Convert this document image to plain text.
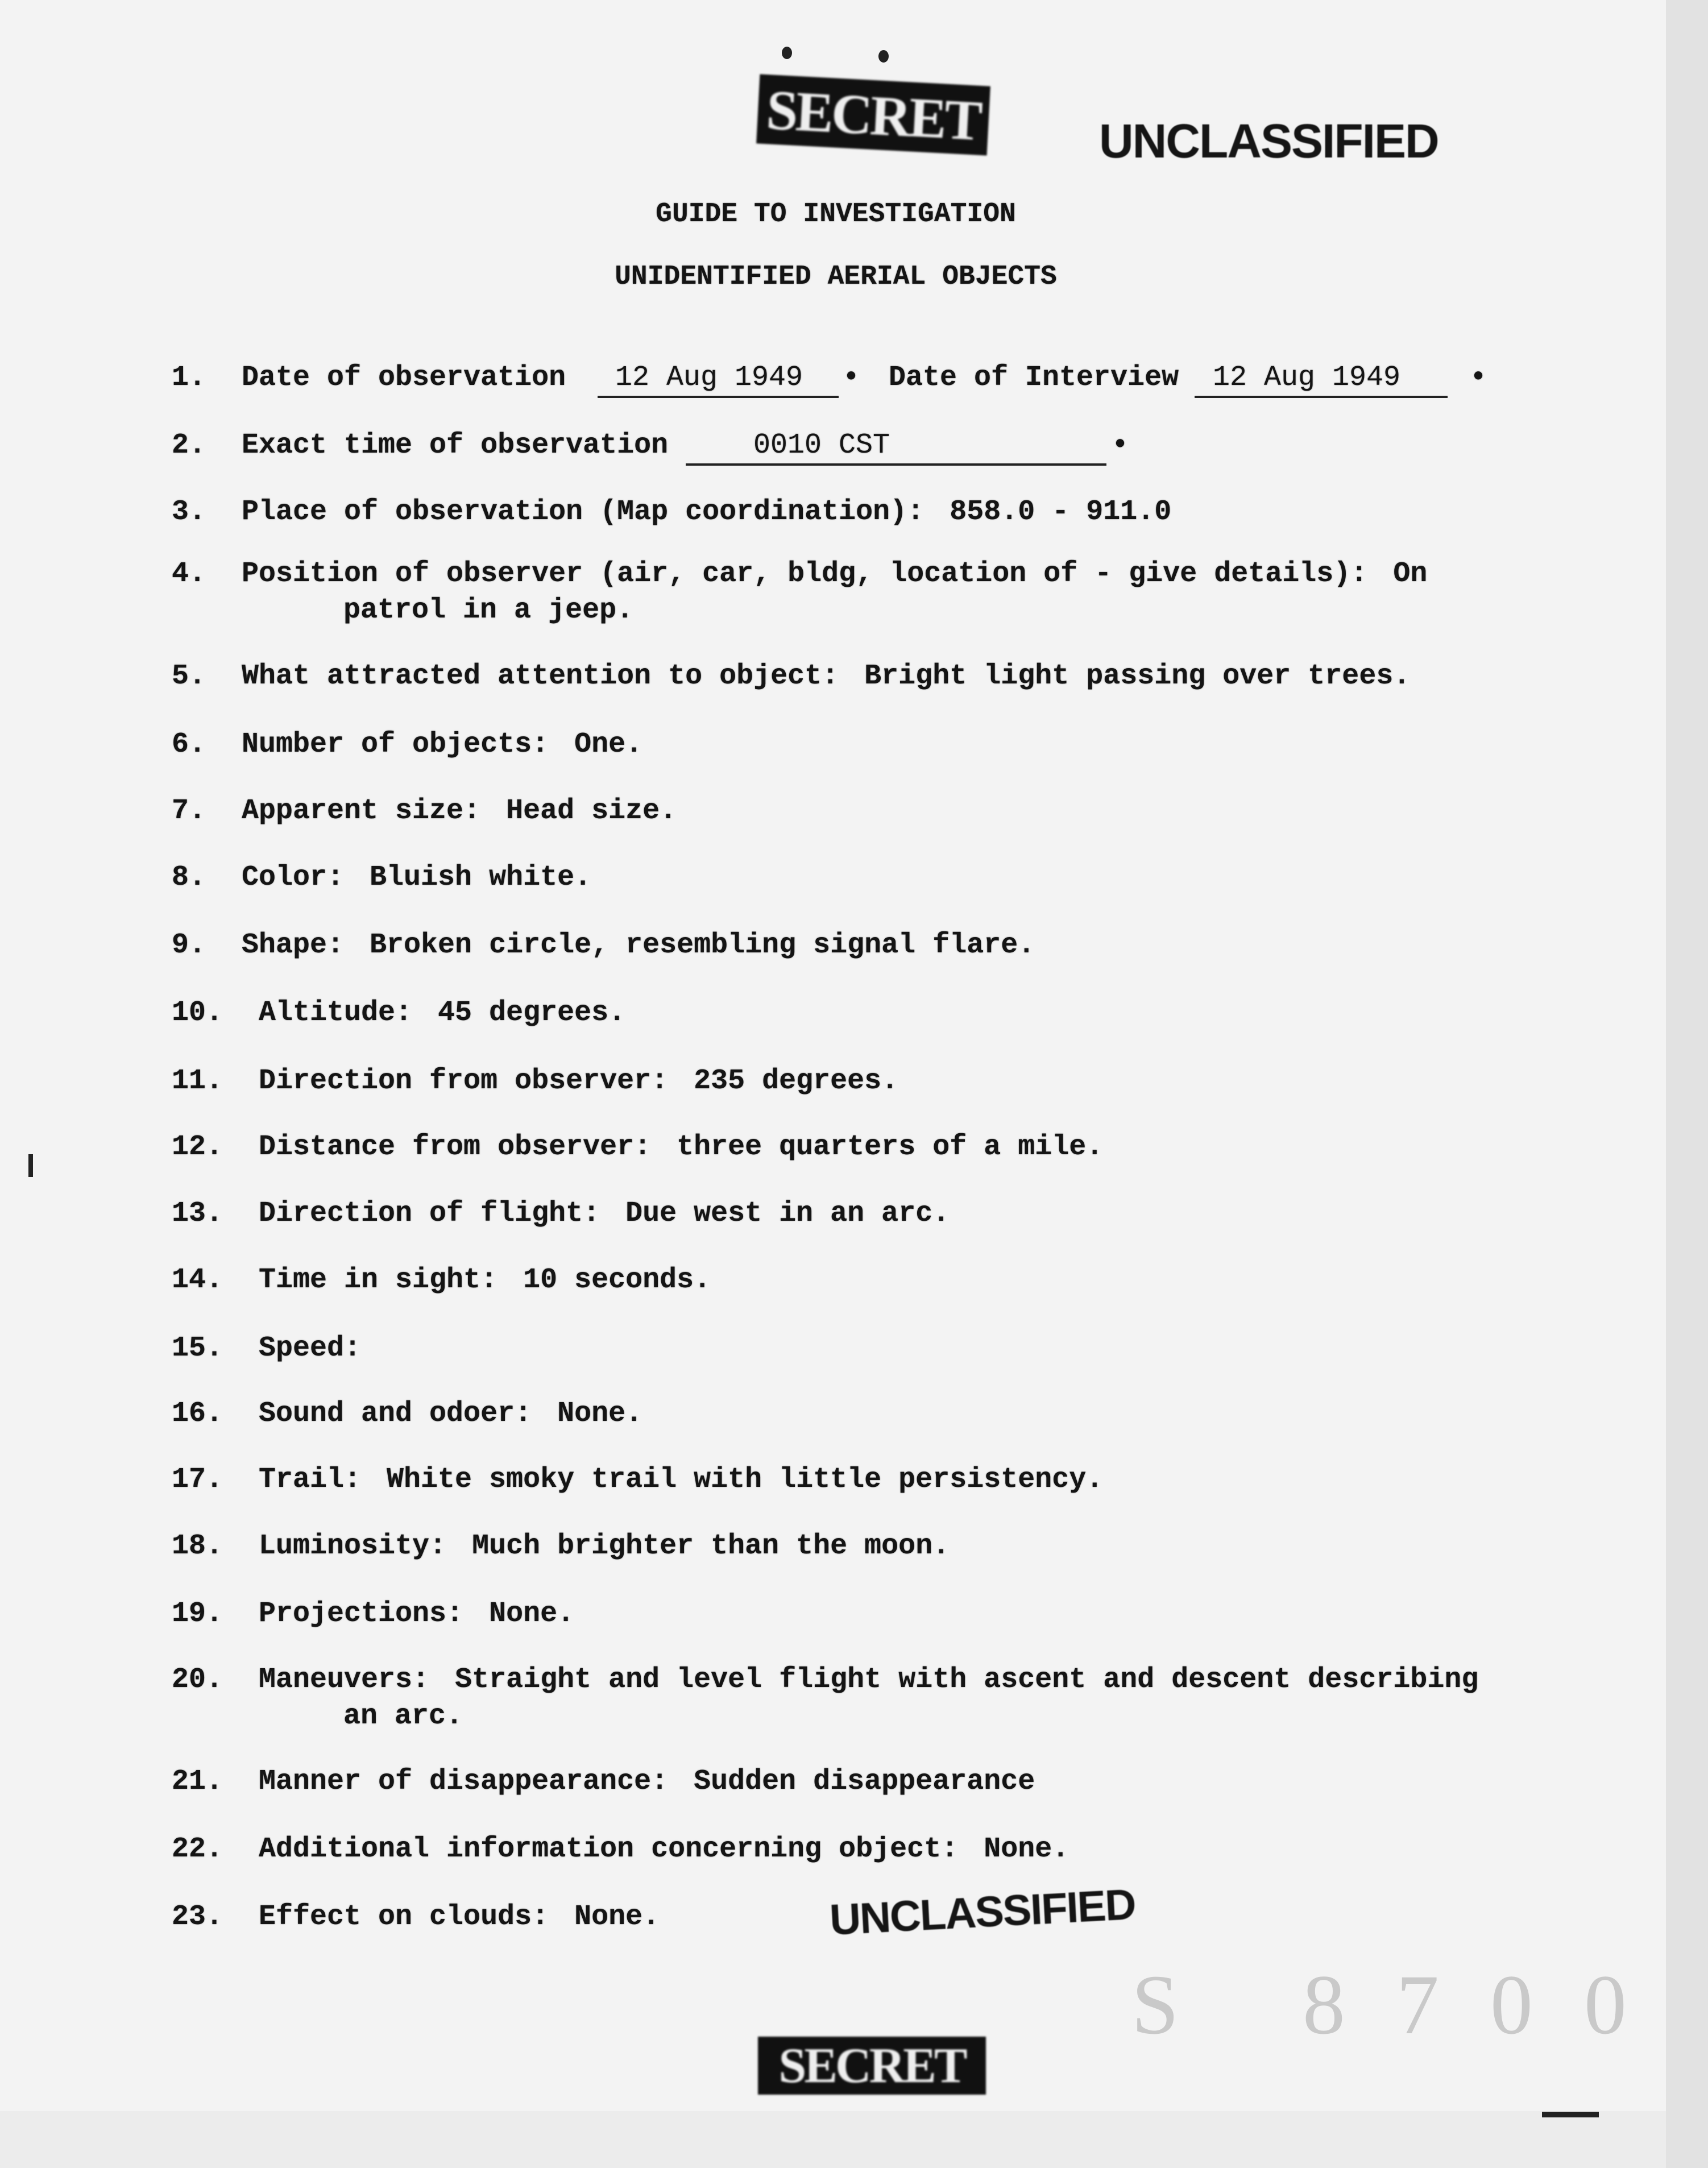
SECRET UNCLASSIFIED
GUIDE TO INVESTIGATION
UNIDENTIFIED AERIAL OBJECTS
1. Date of observation 12 Aug 1949 • Date of Interview 12 Aug 1949 •
2. Exact time of observation	0010 CST	•
3. Place of observation (Map coordination): 858.0 - 911.0
4. Position of observer (air, car, bldg, location of - give details): On
patrol in a jeep.
5. What attracted attention to object: Bright light passing over trees.
6. Number of objects: One.
7. Apparent size: Head size.
8. Color: Bluish white.
9. Shape: Broken circle, resembling signal flare.
10. Altitude: 45 degrees.
11. Direction from observer: 235 degrees.
12. Distance from observer: three quarters of a mile.
13. Direction of flight: Due west in an arc.
14. Time in sight: 10 seconds.
15. Speed:
16. Sound and odoer: None.
17. Trail: White smoky trail with little persistency.
18. Luminosity: Much brighter than the moon.
19. Projections: None.
20. Maneuvers: Straight and level flight with ascent and descent describing
an arc.
21. Manner of disappearance: Sudden disappearance
22. Additional information concerning object: None.
23. Effect on clouds: None.	UNCLASSIFIED
S 8700
SECRET
